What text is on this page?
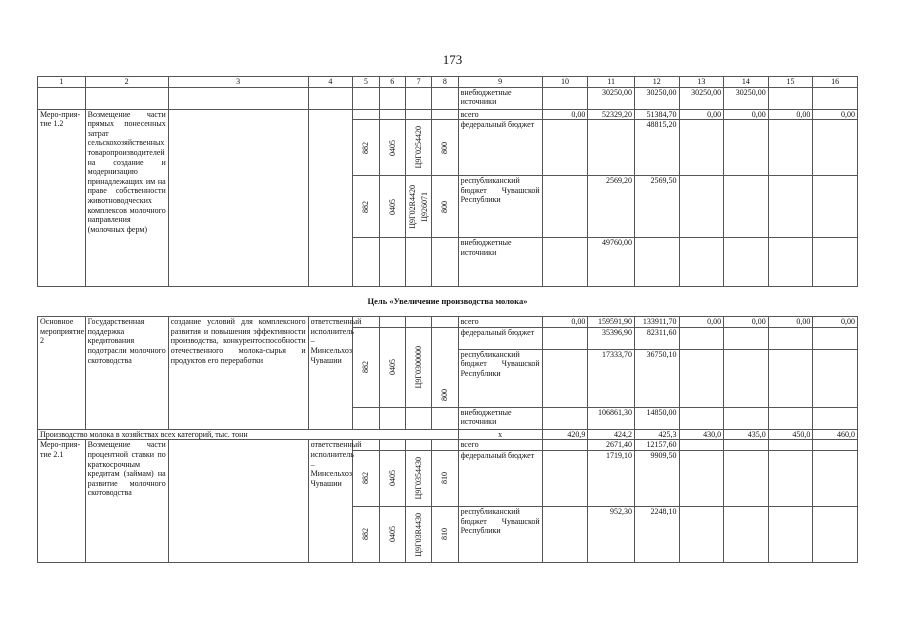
173
1	2	3	4	5	6	7	8	9	10	11	12	13	14	15	16
								внебюджетные источники		30250,00	30250,00	30250,00	30250,00		
Меро-прия-тие 1.2	Возмещение части прямых понесенных затрат сельскохозяйственных товаропроизводителей на создание и модернизацию принадлежащих им на праве собственности животноводческих комплексов молочного направления (молочных ферм)							всего	0,00	52329,20	51384,70	0,00	0,00	0,00	0,00

				882	0405	Ц9Г0254420	800	федеральный бюджет			48815,20				

				882	0405	Ц9Г02R4420 Ц926071	800	республиканский бюджет Чувашской Республики		2569,20	2569,50				
								внебюджетные источники		49760,00					
Цель «Увеличение производства молока»															
Основное мероприятие 2	Государственная поддержка кредитования подотрасли молочного скотоводства	создание условий для комплексного развития и повышения эффективности производства, конкурентоспособности отечественного молока-сырья и продуктов его переработки	ответственный исполнитель – Минсельхоз Чувашии					всего	0,00	159591,90	133911,70	0,00	0,00	0,00	0,00

				882	0405	Ц9Г0300000	800	федеральный бюджет		35396,90	82311,60				
								республиканский бюджет Чувашской Республики		17333,70	36750,10				
								внебюджетные источники		106861,30	14850,00				
Производство молока в хозяйствах всех категорий, тыс. тонн								x	420,9	424,2	425,3	430,0	435,0	450,0	460,0
Меро-прия-тие 2.1	Возмещение части процентной ставки по краткосрочным кредитам (займам) на развитие молочного скотоводства		ответственный исполнитель – Минсельхоз Чувашии					всего		2671,40	12157,60				

				882	0405	Ц9Г0354430	810	федеральный бюджет		1719,10	9909,50				

				882	0405	Ц9Г03R4430	810	республиканский бюджет Чувашской Республики		952,30	2248,10				
